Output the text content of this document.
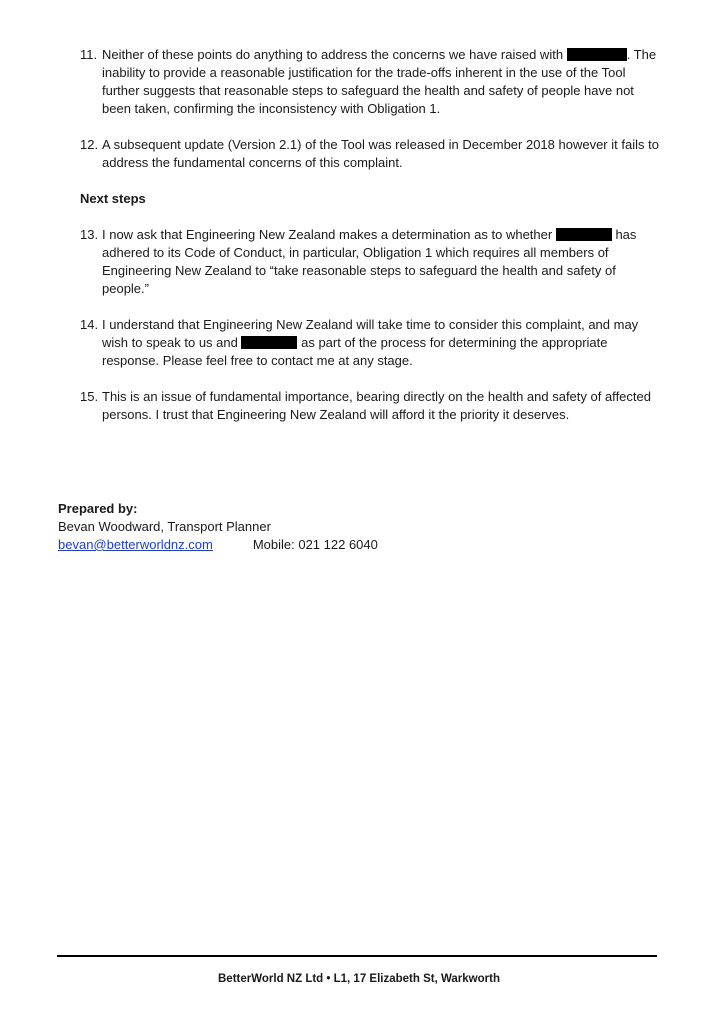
11. Neither of these points do anything to address the concerns we have raised with	. The inability to provide a reasonable justification for the trade-offs inherent in the use of the Tool further suggests that reasonable steps to safeguard the health and safety of people have not been taken, confirming the inconsistency with Obligation 1.

12. A subsequent update (Version 2.1) of the Tool was released in December 2018 however it fails to address the fundamental concerns of this complaint.

Next steps

13. I now ask that Engineering New Zealand makes a determination as to whether	has adhered to its Code of Conduct, in particular, Obligation 1 which requires all members of Engineering New Zealand to “take reasonable steps to safeguard the health and safety of people.”

14. I understand that Engineering New Zealand will take time to consider this complaint, and may wish to speak to us and	as part of the process for determining the appropriate response. Please feel free to contact me at any stage.

15. This is an issue of fundamental importance, bearing directly on the health and safety of affected persons. I trust that Engineering New Zealand will afford it the priority it deserves.

Prepared by:
Bevan Woodward, Transport Planner
bevan@betterworldnz.com	Mobile: 021 122 6040
BetterWorld NZ Ltd • L1, 17 Elizabeth St, Warkworth
